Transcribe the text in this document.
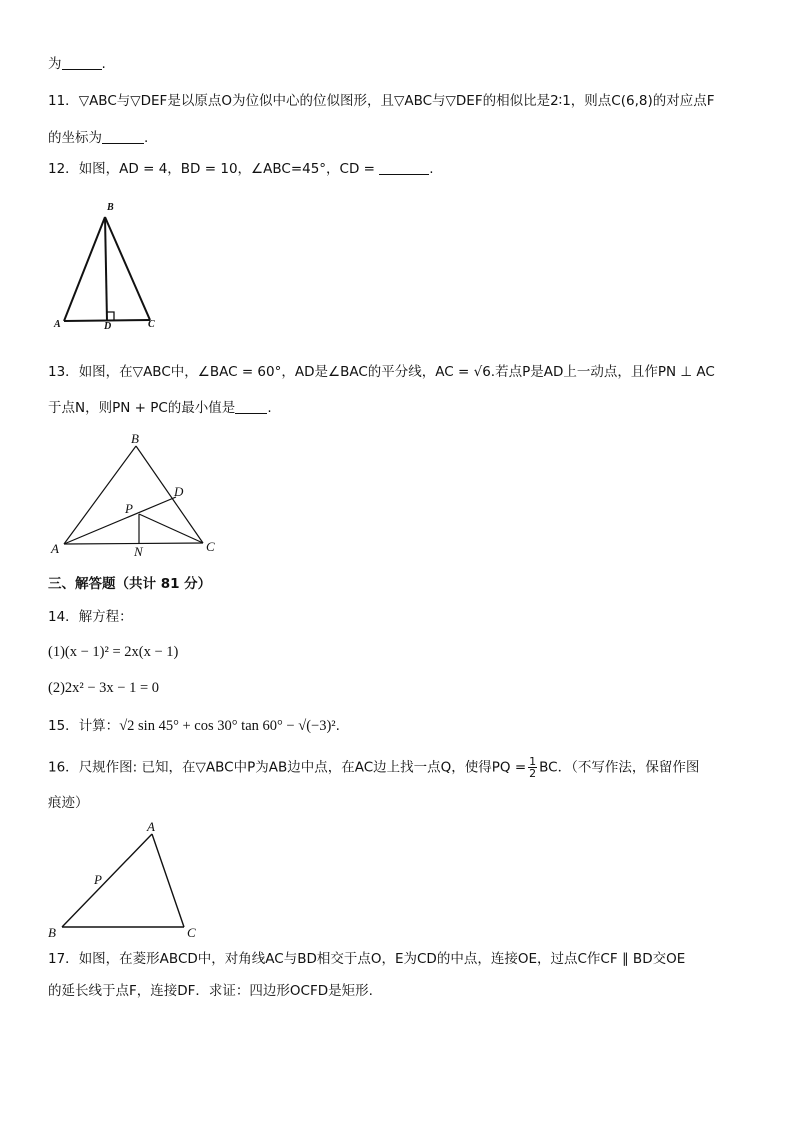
为	.
11．▽ABC与▽DEF是以原点O为位似中心的位似图形，且▽ABC与▽DEF的相似比是2∶1，则点C(6,8)的对应点F
的坐标为	.
12．如图，AD = 4，BD = 10，∠ABC=45°，CD =	.
B
A	D	C
13．如图，在▽ABC中，∠BAC = 60°，AD是∠BAC的平分线，AC = √6.若点P是AD上一动点，且作PN ⊥ AC
于点N，则PN + PC的最小值是 .
B
D
P
A	N	C
三、解答题（共计 81 分）
14．解方程：
(1)(x − 1)² = 2x(x − 1)
(2)2x² − 3x − 1 = 0
15．计算：√2 sin 45° + cos 30° tan 60° − √(−3)².
16．尺规作图: 已知，在▽ABC中P为AB边中点，在AC边上找一点Q，使得PQ = $\frac{1}{2}$ BC．（不写作法，保留作图
痕迹）
A
P
B	C
17．如图，在菱形ABCD中，对角线AC与BD相交于点O，E为CD的中点，连接OE，过点C作CF ∥ BD交OE
的延长线于点F，连接DF．求证：四边形OCFD是矩形.
